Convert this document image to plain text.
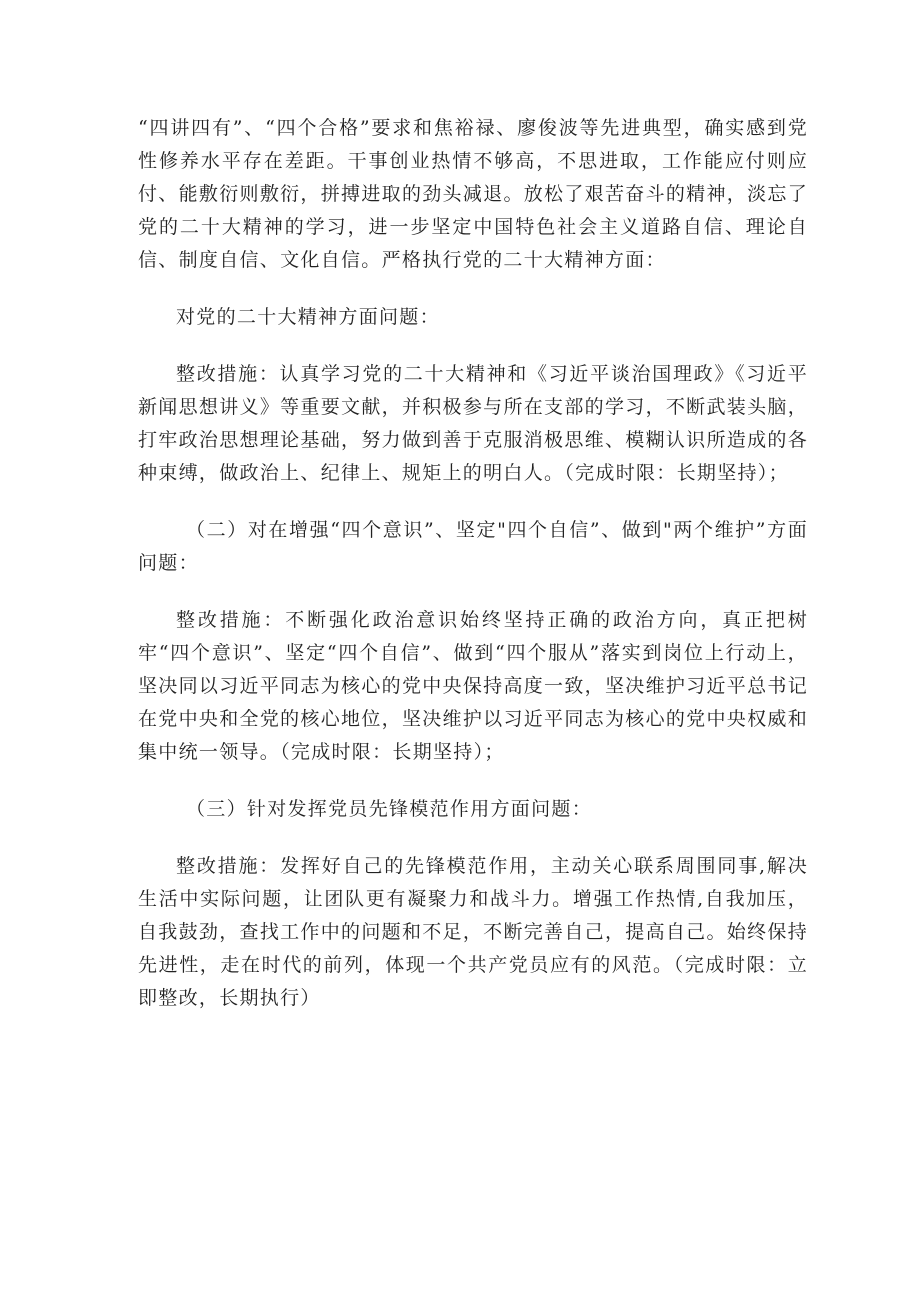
“四讲四有”、“四个合格”要求和焦裕禄、廖俊波等先进典型，确实感到党性修养水平存在差距。干事创业热情不够高，不思进取，工作能应付则应付、能敷衍则敷衍，拼搏进取的劲头减退。放松了艰苦奋斗的精神，淡忘了党的二十大精神的学习，进一步坚定中国特色社会主义道路自信、理论自信、制度自信、文化自信。严格执行党的二十大精神方面：

对党的二十大精神方面问题：

整改措施：认真学习党的二十大精神和《习近平谈治国理政》《习近平新闻思想讲义》等重要文献，并积极参与所在支部的学习，不断武装头脑，打牢政治思想理论基础，努力做到善于克服消极思维、模糊认识所造成的各种束缚，做政治上、纪律上、规矩上的明白人。（完成时限：长期坚持）；

（二）对在增强“四个意识”、坚定"四个自信”、做到"两个维护”方面问题：

整改措施：不断强化政治意识始终坚持正确的政治方向，真正把树牢“四个意识”、坚定“四个自信”、做到“四个服从”落实到岗位上行动上，坚决同以习近平同志为核心的党中央保持高度一致，坚决维护习近平总书记在党中央和全党的核心地位，坚决维护以习近平同志为核心的党中央权威和集中统一领导。（完成时限：长期坚持）；

（三）针对发挥党员先锋模范作用方面问题：

整改措施：发挥好自己的先锋模范作用，主动关心联系周围同事,解决生活中实际问题，让团队更有凝聚力和战斗力。增强工作热情,自我加压，自我鼓劲，查找工作中的问题和不足，不断完善自己，提高自己。始终保持先进性，走在时代的前列，体现一个共产党员应有的风范。（完成时限：立即整改，长期执行）
